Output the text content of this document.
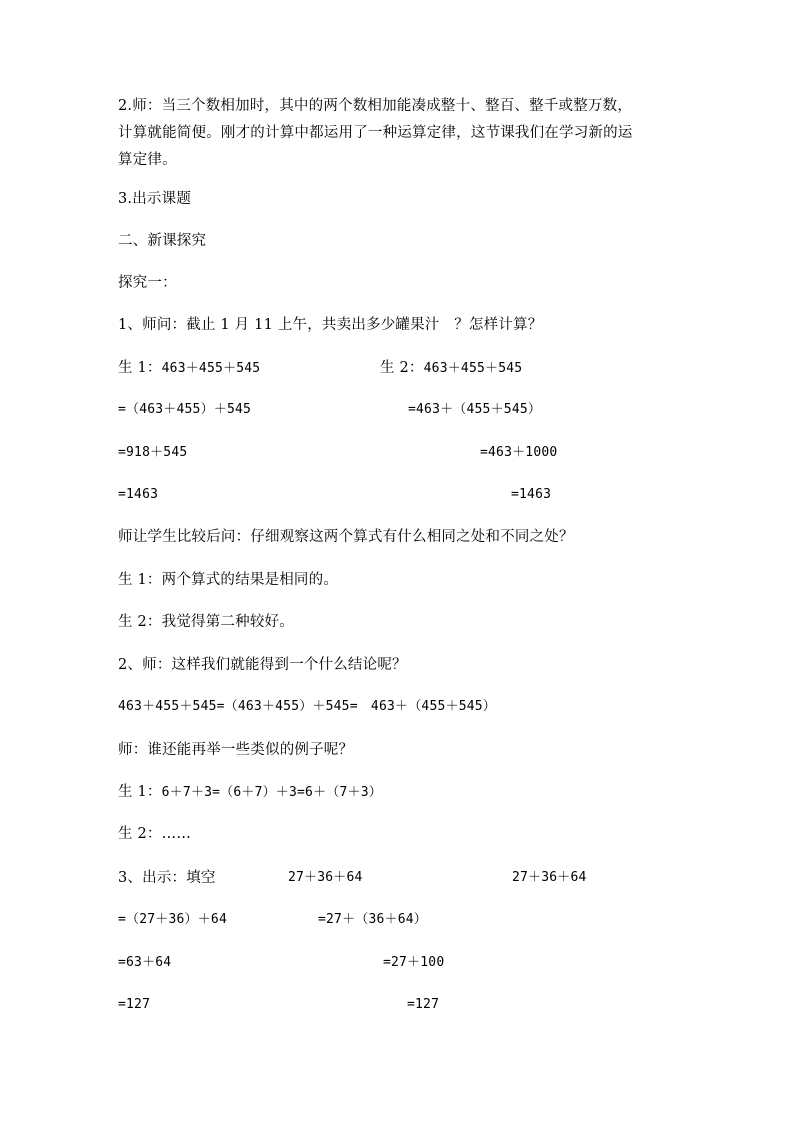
2.师：当三个数相加时，其中的两个数相加能凑成整十、整百、整千或整万数，
计算就能简便。刚才的计算中都运用了一种运算定律，这节课我们在学习新的运
算定律。
3.出示课题
二、新课探究
探究一：
1、师问：截止 1 月 11 上午，共卖出多少罐果汁　？怎样计算？
生 1：463＋455＋545	生 2：463＋455＋545
=（463＋455）＋545	=463＋（455＋545）
=918＋545	=463＋1000
=1463	=1463
师让学生比较后问：仔细观察这两个算式有什么相同之处和不同之处？
生 1：两个算式的结果是相同的。
生 2：我觉得第二种较好。
2、师：这样我们就能得到一个什么结论呢？
463＋455＋545=（463＋455）＋545=　463＋（455＋545）
师：谁还能再举一些类似的例子呢？
生 1：6＋7＋3=（6＋7）＋3=6＋（7＋3）
生 2：……
3、出示：填空	27＋36＋64	27＋36＋64
=（27＋36）＋64	=27＋（36＋64）
=63＋64	=27＋100
=127	=127
